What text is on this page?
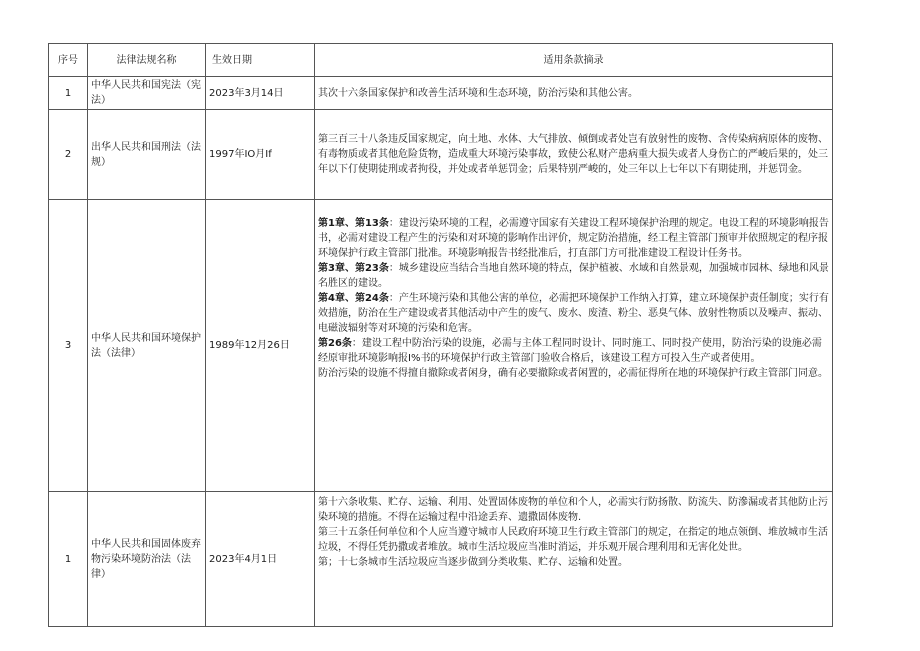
序号	法律法规名称	生效日期	适用条款摘录
1	中华人民共和国宪法（宪法）	2023年3月14日	其次十六条国家保护和改善生活环境和生态环境，防治污染和其他公害。

2	出华人民共和国刑法（法规）	1997年IO月If	第三百三十八条违反国家规定，向土地、水体、大气排放、倾倒或者处岂有放射性的废物、含传染病病原体的废物、有毒物质或者其他危险货物，造成重大环境污染事故，致使公私财产患病重大损失或者人身伤亡的严峻后果的，处三年以下仃使期徒刑或者拘役，并处或者单惩罚金；后果特别严峻的，处三年以上七年以下有期徒刑，并惩罚金。

3	中华人民共和国环境保护法（法律）	1989年12月26日	第1章、第13条：建设污染环境的工程，必需遵守国家有关建设工程环境保护治理的规定。电设工程的环境影响报告书，必需对建设工程产生的污染和对环境的影响作出评价，规定防治措施，经工程主管部门预审并依照规定的程序报环境保护行政主管部门批准。环境影响报告书经批准后，打直部门方可批准建设工程设计任务书。

第3章、第23条：城乡建设应当结合当地自然环境的特点，保护植被、水域和自然景观，加强城市园林、绿地和风景名胜区的建设。

第4章、第24条：产生环境污染和其他公害的单位，必需把环境保护工作纳入打算，建立环境保护责任制度；实行有效措施，防治在生产建设或者其他活动中产生的废气、废水、废渣、粉尘、恶臭气体、放射性物质以及噪声、振动、电磁波辐射等对环境的污染和危害。

第26条：建设工程中防治污染的设施，必需与主体工程同时设计、同时施工、同时投产使用，防治污染的设施必需经原审批环境影响报I%书的环境保护行政主管部门验收合格后，该建设工程方可投入生产或者使用。

防治污染的设施不得擅自撤除或者闲身，确有必要撤除或者闲置的，必需征得所在地的环境保护行政主管部门同意。

1	中华人民共和国固体废弃物污染环境防治法（法律）	2023年4月1日	第十六条收集、贮存、运输、利用、处置固体废物的单位和个人，必需实行防扬散、防流失、防滲漏或者其他防止污染环境的措施。不得在运输过程中沿途丢弃、遗撒固体废物.

第三十五条任何单位和个人应当遵守城市人民政府环境卫生行政主管部门的规定，在指定的地点领倒、堆放城市生活垃圾，不得任凭扔撒或者堆放。城市生活垃圾应当准时消运，并乐观开展合理利用和无害化处世。

第；十七条城市生活垃圾应当逐步做到分类收集、贮存、运输和处置。
